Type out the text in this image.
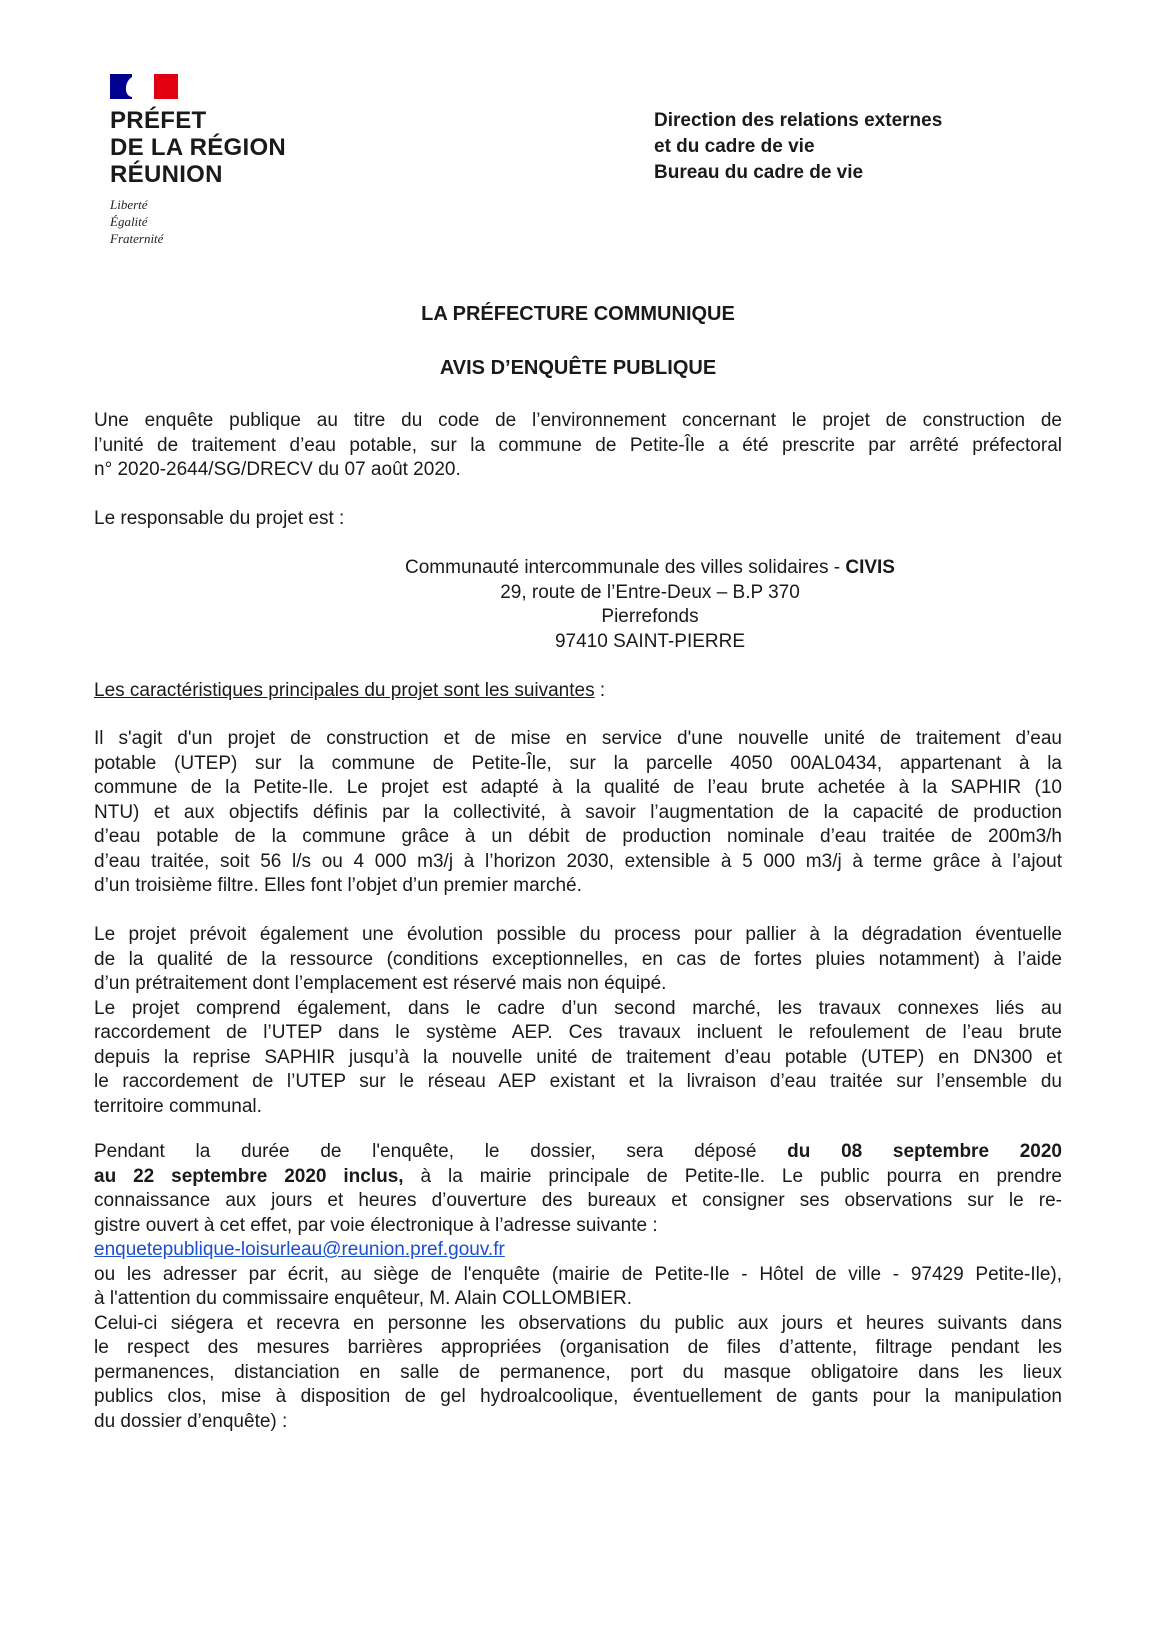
PRÉFET
DE LA RÉGION
RÉUNION
Liberté
Égalité
Fraternité
Direction des relations externes
et du cadre de vie
Bureau du cadre de vie
LA PRÉFECTURE COMMUNIQUE
AVIS D’ENQUÊTE PUBLIQUE
Une enquête publique au titre du code de l’environnement concernant le projet de construction de
l’unité de traitement d’eau potable, sur la commune de Petite-Île a été prescrite par arrêté préfectoral
n° 2020-2644/SG/DRECV du 07 août 2020.
Le responsable du projet est :
Communauté intercommunale des villes solidaires - CIVIS
29, route de l’Entre-Deux – B.P 370
Pierrefonds
97410 SAINT-PIERRE
Les caractéristiques principales du projet sont les suivantes :
Il s'agit d'un projet de construction et de mise en service d'une nouvelle unité de traitement d’eau
potable (UTEP) sur la commune de Petite-Île, sur la parcelle 4050 00AL0434, appartenant à la
commune de la Petite-Ile. Le projet est adapté à la qualité de l’eau brute achetée à la SAPHIR (10
NTU) et aux objectifs définis par la collectivité, à savoir l’augmentation de la capacité de production
d’eau potable de la commune grâce à un débit de production nominale d’eau traitée de 200m3/h
d’eau traitée, soit 56 l/s ou 4 000 m3/j à l’horizon 2030, extensible à 5 000 m3/j à terme grâce à l’ajout
d’un troisième filtre. Elles font l’objet d’un premier marché.
Le projet prévoit également une évolution possible du process pour pallier à la dégradation éventuelle
de la qualité de la ressource (conditions exceptionnelles, en cas de fortes pluies notamment) à l’aide
d’un prétraitement dont l’emplacement est réservé mais non équipé.
Le projet comprend également, dans le cadre d’un second marché, les travaux connexes liés au
raccordement de l’UTEP dans le système AEP. Ces travaux incluent le refoulement de l’eau brute
depuis la reprise SAPHIR jusqu’à la nouvelle unité de traitement d’eau potable (UTEP) en DN300 et
le raccordement de l’UTEP sur le réseau AEP existant et la livraison d’eau traitée sur l’ensemble du
territoire communal.
Pendant la durée de l'enquête, le dossier, sera déposé du 08 septembre 2020
au 22 septembre 2020 inclus, à la mairie principale de Petite-Ile. Le public pourra en prendre
connaissance aux jours et heures d’ouverture des bureaux et consigner ses observations sur le re-
gistre ouvert à cet effet, par voie électronique à l’adresse suivante :
enquetepublique-loisurleau@reunion.pref.gouv.fr
ou les adresser par écrit, au siège de l'enquête (mairie de Petite-Ile - Hôtel de ville - 97429 Petite-Ile),
à l'attention du commissaire enquêteur, M. Alain COLLOMBIER.
Celui-ci siégera et recevra en personne les observations du public aux jours et heures suivants dans
le respect des mesures barrières appropriées (organisation de files d’attente, filtrage pendant les
permanences, distanciation en salle de permanence, port du masque obligatoire dans les lieux
publics clos, mise à disposition de gel hydroalcoolique, éventuellement de gants pour la manipulation
du dossier d’enquête) :
